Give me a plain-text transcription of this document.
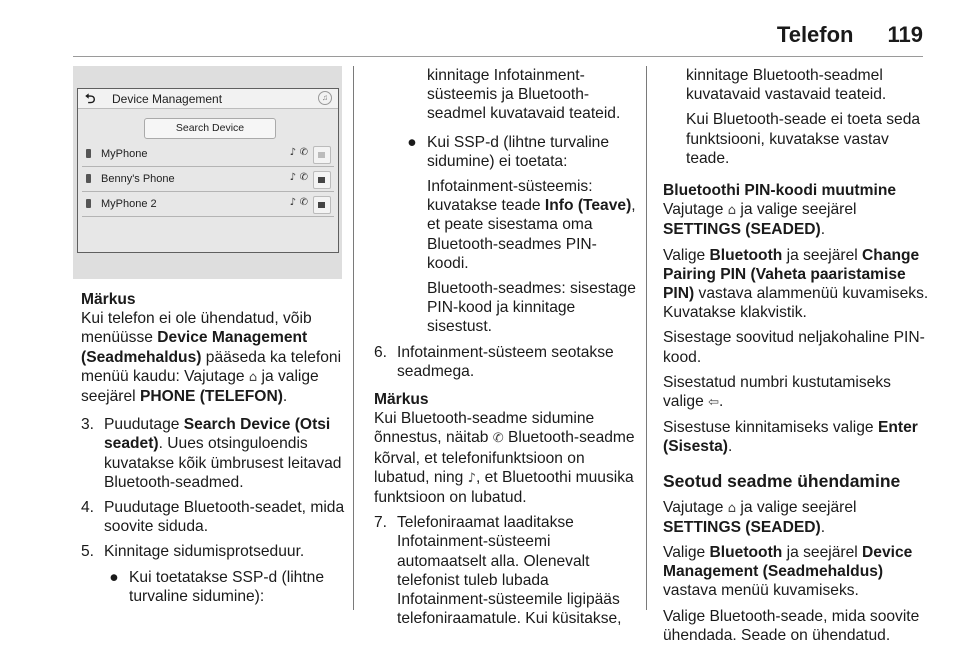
Telefon 119
⮌ Device Management	♫
Search Device
MyPhone	♪ ✆
Benny's Phone	♪ ✆
MyPhone 2	♪ ✆

Märkus

Kui telefon ei ole ühendatud, võib menüüsse Device Management (Seadmehaldus) pääseda ka telefoni menüü kaudu: Vajutage ⌂ ja valige seejärel PHONE (TELEFON).

3. Puudutage Search Device (Otsi seadet). Uues otsinguloendis kuvatakse kõik ümbrusest leitavad Bluetooth-seadmed.
4. Puudutage Bluetooth-seadet, mida soovite siduda.
5. Kinnitage sidumisprotseduur.
● Kui toetatakse SSP-d (lihtne turvaline sidumine):

kinnitage Infotainment-süsteemis ja Bluetooth-seadmel kuvatavaid teateid.

● Kui SSP-d (lihtne turvaline sidumine) ei toetata:

Infotainment-süsteemis: kuvatakse teade Info (Teave), et peate sisestama oma Bluetooth-seadmes PIN-koodi.

Bluetooth-seadmes: sisestage PIN-kood ja kinnitage sisestust.

6. Infotainment-süsteem seotakse seadmega.

Märkus

Kui Bluetooth-seadme sidumine õnnestus, näitab ✆ Bluetooth-seadme kõrval, et telefonifunktsioon on lubatud, ning ♪, et Bluetoothi muusika funktsioon on lubatud.

7. Telefoniraamat laaditakse Infotainment-süsteemi automaatselt alla. Olenevalt telefonist tuleb lubada Infotainment-süsteemile ligipääs telefoniraamatule. Kui küsitakse,

kinnitage Bluetooth-seadmel kuvatavaid vastavaid teateid.

Kui Bluetooth-seade ei toeta seda funktsiooni, kuvatakse vastav teade.

Bluetoothi PIN-koodi muutmine

Vajutage ⌂ ja valige seejärel SETTINGS (SEADED).

Valige Bluetooth ja seejärel Change Pairing PIN (Vaheta paaristamise PIN) vastava alammenüü kuvamiseks. Kuvatakse klakvistik.

Sisestage soovitud neljakohaline PIN-kood.

Sisestatud numbri kustutamiseks valige ⇦.

Sisestuse kinnitamiseks valige Enter (Sisesta).

Seotud seadme ühendamine

Vajutage ⌂ ja valige seejärel SETTINGS (SEADED).

Valige Bluetooth ja seejärel Device Management (Seadmehaldus) vastava menüü kuvamiseks.

Valige Bluetooth-seade, mida soovite ühendada. Seade on ühendatud.
